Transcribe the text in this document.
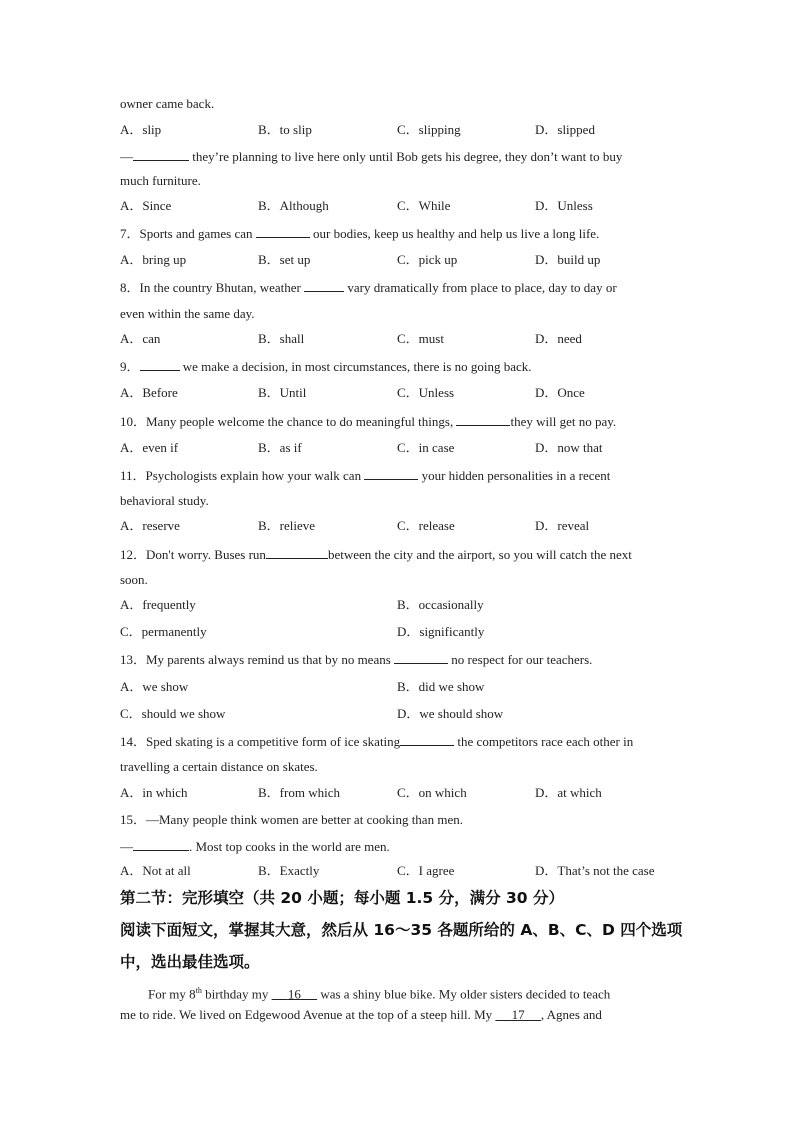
owner came back.
A．slip	B．to slip	C．slipping	D．slipped
—	they’re planning to live here only until Bob gets his degree, they don’t want to buy
much furniture.
A．Since	B．Although	C．While	D．Unless
7．Sports and games can	our bodies, keep us healthy and help us live a long life.
A．bring up	B．set up	C．pick up	D．build up
8．In the country Bhutan, weather	vary dramatically from place to place, day to day or
even within the same day.
A．can	B．shall	C．must	D．need
9．	we make a decision, in most circumstances, there is no going back.
A．Before	B．Until	C．Unless	D．Once
10．Many people welcome the chance to do meaningful things,	they will get no pay.
A．even if	B．as if	C．in case	D．now that
11．Psychologists explain how your walk can	your hidden personalities in a recent
behavioral study.
A．reserve	B．relieve	C．release	D．reveal
12．Don't worry. Buses run	between the city and the airport, so you will catch the next
soon.
A．frequently	B．occasionally
C．permanently	D．significantly
13．My parents always remind us that by no means	no respect for our teachers.
A．we show	B．did we show
C．should we show	D．we should show
14．Sped skating is a competitive form of ice skating	the competitors race each other in
travelling a certain distance on skates.
A．in which	B．from which	C．on which	D．at which
15．—Many people think women are better at cooking than men.
—	. Most top cooks in the world are men.
A．Not at all	B．Exactly	C．I agree	D．That’s not the case
第二节：完形填空（共 20 小题；每小题 1.5 分，满分 30 分）
阅读下面短文，掌握其大意，然后从 16～35 各题所给的 A、B、C、D 四个选项
中，选出最佳选项。
For my 8th birthday my      16      was a shiny blue bike. My older sisters decided to teach
me to ride. We lived on Edgewood Avenue at the top of a steep hill. My      17 , Agnes and
